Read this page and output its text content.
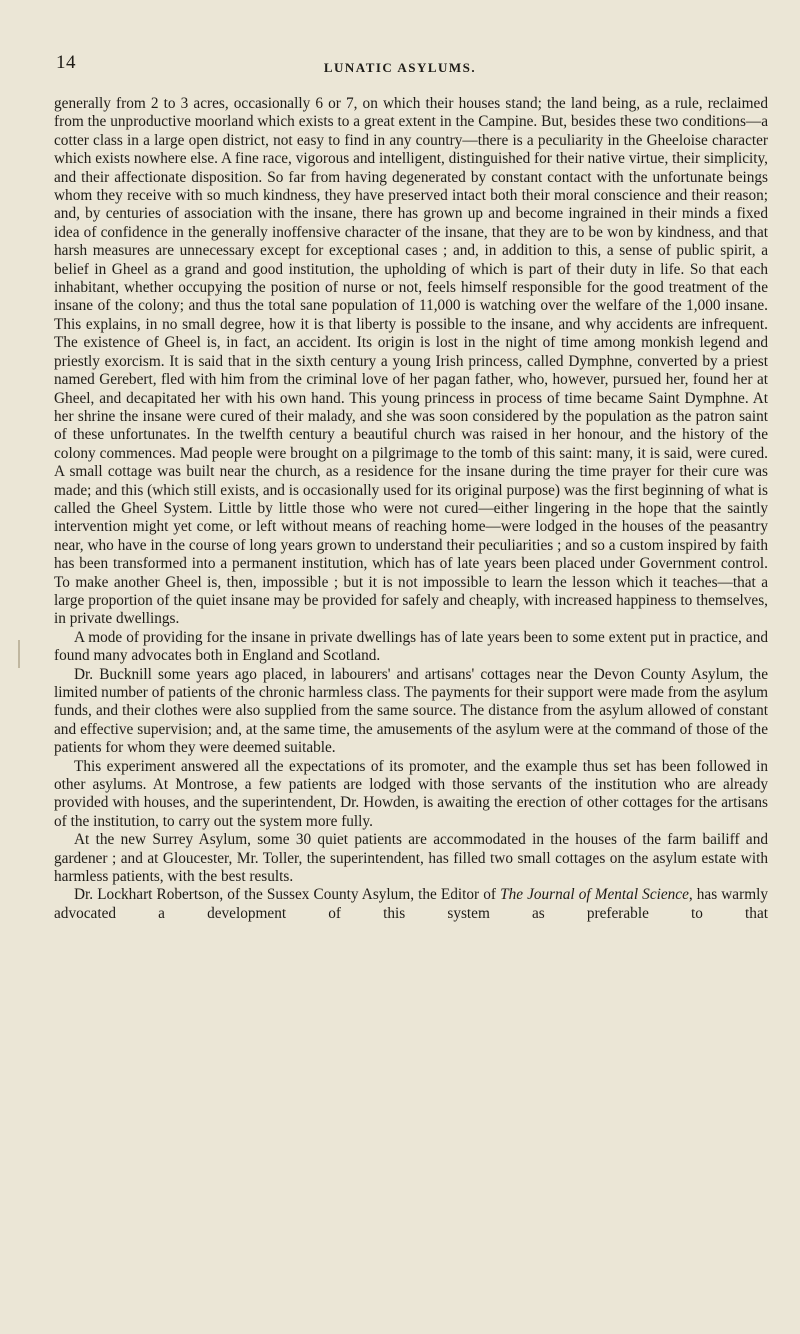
14	LUNATIC ASYLUMS.

generally from 2 to 3 acres, occasionally 6 or 7, on which their houses stand; the land being, as a rule, reclaimed from the unproductive moorland which exists to a great extent in the Campine. But, besides these two conditions—a cotter class in a large open district, not easy to find in any country—there is a peculiarity in the Gheeloise character which exists nowhere else. A fine race, vigorous and intelligent, distinguished for their native virtue, their simplicity, and their affectionate disposition. So far from having degenerated by constant contact with the unfortunate beings whom they receive with so much kindness, they have preserved intact both their moral conscience and their reason; and, by centuries of association with the insane, there has grown up and become ingrained in their minds a fixed idea of confidence in the generally inoffensive character of the insane, that they are to be won by kindness, and that harsh measures are unnecessary except for exceptional cases ; and, in addition to this, a sense of public spirit, a belief in Gheel as a grand and good institution, the upholding of which is part of their duty in life. So that each inhabitant, whether occupying the position of nurse or not, feels himself responsible for the good treatment of the insane of the colony; and thus the total sane population of 11,000 is watching over the welfare of the 1,000 insane. This explains, in no small degree, how it is that liberty is possible to the insane, and why accidents are infrequent. The existence of Gheel is, in fact, an accident. Its origin is lost in the night of time among monkish legend and priestly exorcism. It is said that in the sixth century a young Irish princess, called Dymphne, converted by a priest named Gerebert, fled with him from the criminal love of her pagan father, who, however, pursued her, found her at Gheel, and decapitated her with his own hand. This young princess in process of time became Saint Dymphne. At her shrine the insane were cured of their malady, and she was soon considered by the population as the patron saint of these unfortunates. In the twelfth century a beautiful church was raised in her honour, and the history of the colony commences. Mad people were brought on a pilgrimage to the tomb of this saint: many, it is said, were cured. A small cottage was built near the church, as a residence for the insane during the time prayer for their cure was made; and this (which still exists, and is occasionally used for its original purpose) was the first beginning of what is called the Gheel System. Little by little those who were not cured—either lingering in the hope that the saintly intervention might yet come, or left without means of reaching home—were lodged in the houses of the peasantry near, who have in the course of long years grown to understand their peculiarities ; and so a custom inspired by faith has been transformed into a permanent institution, which has of late years been placed under Government control. To make another Gheel is, then, impossible ; but it is not impossible to learn the lesson which it teaches—that a large proportion of the quiet insane may be provided for safely and cheaply, with increased happiness to themselves, in private dwellings.

A mode of providing for the insane in private dwellings has of late years been to some extent put in practice, and found many advocates both in England and Scotland.

Dr. Bucknill some years ago placed, in labourers' and artisans' cottages near the Devon County Asylum, the limited number of patients of the chronic harmless class. The payments for their support were made from the asylum funds, and their clothes were also supplied from the same source. The distance from the asylum allowed of constant and effective supervision; and, at the same time, the amusements of the asylum were at the command of those of the patients for whom they were deemed suitable.

This experiment answered all the expectations of its promoter, and the example thus set has been followed in other asylums. At Montrose, a few patients are lodged with those servants of the institution who are already provided with houses, and the superintendent, Dr. Howden, is awaiting the erection of other cottages for the artisans of the institution, to carry out the system more fully.

At the new Surrey Asylum, some 30 quiet patients are accommodated in the houses of the farm bailiff and gardener ; and at Gloucester, Mr. Toller, the superintendent, has filled two small cottages on the asylum estate with harmless patients, with the best results.

Dr. Lockhart Robertson, of the Sussex County Asylum, the Editor of The Journal of Mental Science, has warmly advocated a development of this system as preferable to that
